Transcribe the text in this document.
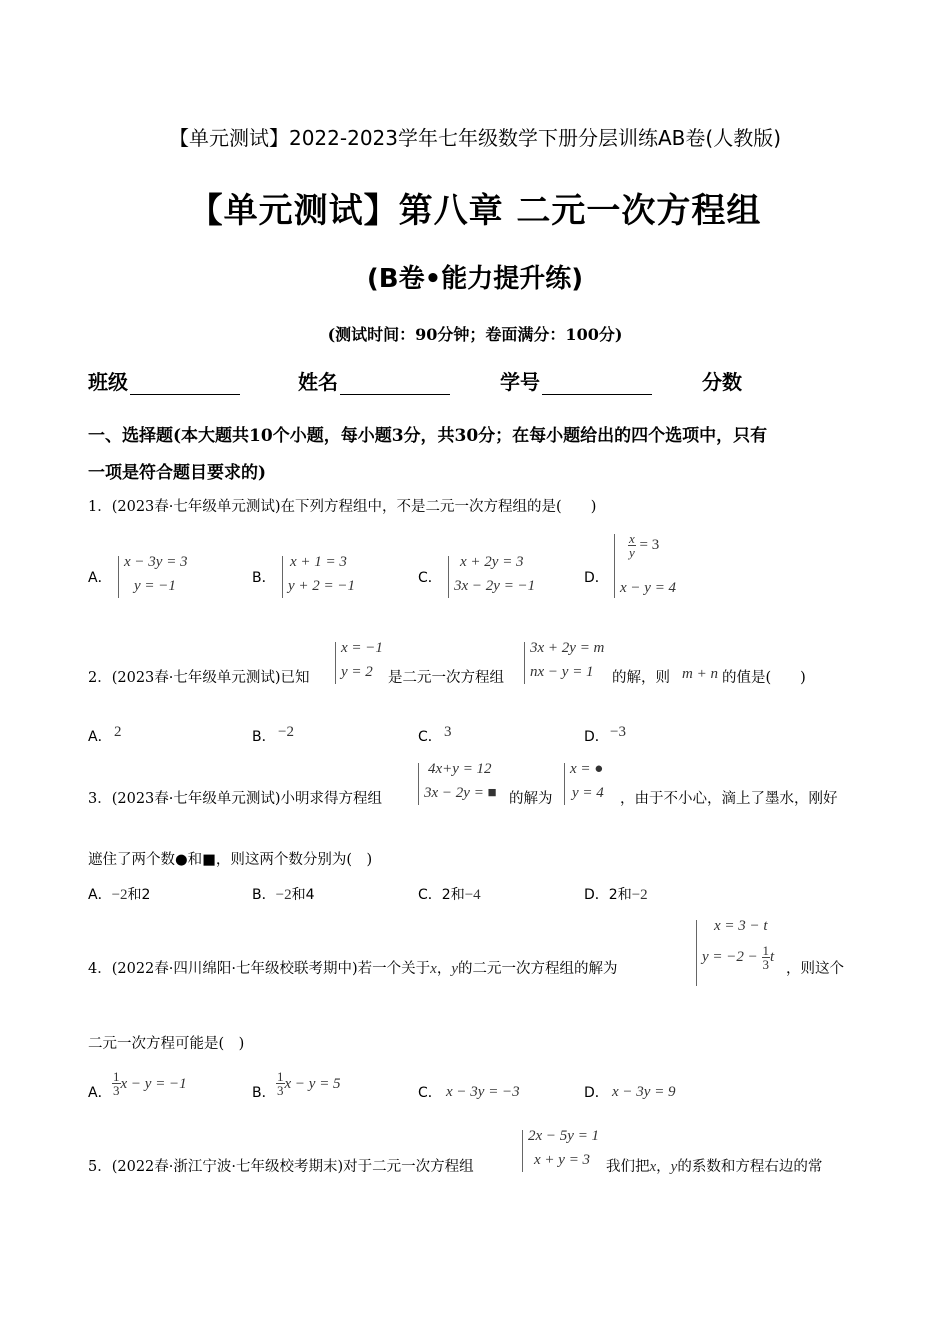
【单元测试】2022-2023学年七年级数学下册分层训练AB卷(人教版)
【单元测试】第八章 二元一次方程组
(B卷•能力提升练)
(测试时间：90分钟；卷面满分：100分)
班级	姓名	学号	分数
一、选择题(本大题共10个小题，每小题3分，共30分；在每小题给出的四个选项中，只有
一项是符合题目要求的)
1．(2023春·七年级单元测试)在下列方程组中，不是二元一次方程组的是(　　)
A．
x − 3y = 3
y = −1	B．
x + 1 = 3
y + 2 = −1	C．
x + 2y = 3
3x − 2y = −1	D．
$\frac{x}{y} = 3$
x − y = 4
2．(2023春·七年级单元测试)已知
x = −1
y = 2 是二元一次方程组
3x + 2y = m
nx − y = 1 的解，则 m + n 的值是(　　)
A． 2	B． −2	C． 3	D． −3
3．(2023春·七年级单元测试)小明求得方程组
4x+y = 12
3x − 2y = ■ 的解为
x = ●
y = 4 ，由于不小心，滴上了墨水，刚好
遮住了两个数●和■，则这两个数分别为(　)
A．−2和2	B．−2和4	C．2和−4	D．2和−2
4．(2022春·四川绵阳·七年级校联考期中)若一个关于x，y的二元一次方程组的解为
x = 3 − t
$y = -2 - \frac{1}{3}$ t
，则这个
二元一次方程可能是(　)
A． $\frac{1}{3}$ x − y = −1
B． $\frac{1}{3}$ x − y = 5
C． x − 3y = −3	D． x − 3y = 9
5．(2022春·浙江宁波·七年级校考期末)对于二元一次方程组
2x − 5y = 1
x + y = 3 我们把x，y的系数和方程右边的常
